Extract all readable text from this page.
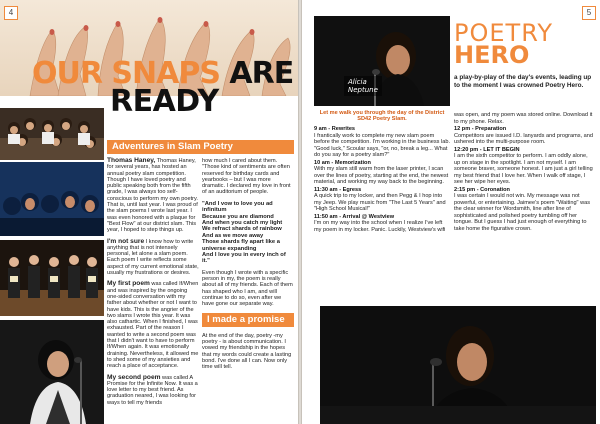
4
OUR SNAPS ARE
READY
Adventures in Slam Poetry

Thomas Haney, Thomas Haney, for several years, has hosted an annual poetry slam competition. Though I have loved poetry and public speaking both from the fifth grade, I was always too self-conscious to perform my own poetry. That is, until last year. I was proud of the slam poems I wrote last year. I was even honored with a plaque for "Best Flow" at our district slam. This year, I hoped to step things up.

I'm not sure I know how to write anything that is not intensely personal, let alone a slam poem. Each poem I write reflects some aspect of my current emotional state, usually my frustrations or desires.

My first poem was called If/When and was inspired by the ongoing one-sided conversation with my father about whether or not I want to have kids. This is the angrier of the two slams I wrote this year. It was also cathartic. When I finished, I was exhausted. Part of the reason I wanted to write a second poem was that I didn't want to have to perform If/When again. It was emotionally draining. Nevertheless, it allowed me to shed some of my anxieties and reach a place of acceptance.

My second poem was called A Promise for the Infinite Now. It was a love letter to my best friend. As graduation neared, I was looking for ways to tell my friends

how much I cared about them. "Those kind of sentiments are often reserved for birthday cards and yearbooks – but I was more dramatic. I declared my love in front of an auditorium of people.

"And I vow to love you ad
infinitum
Because you are diamond
And when you catch my light
We refract shards of rainbow
And as we move away
Those shards fly apart like a
universe expanding
And I love you in every inch of
it."

Even though I wrote with a specific person in my, the poem is really about all of my friends. Each of them has shaped who I am, and will continue to do so, even after we have gone our separate way.

I made a promise

At the end of the day, poetry -my poetry - is about communication. I vowed my friendship in the hopes that my words could create a lasting bond. I've done all I can. Now only time will tell.

5
Alicia
Neptune
POETRY
HERO
a play-by-play of the day's events, leading up to the moment I was crowned Poetry Hero.
Let me walk you through the day of the District SD42 Poetry Slam.

9 am - Rewrites
I frantically work to complete my new slam poem before the competition. I'm working in the business lab. "Good luck," Scoular says, "or, no, break a leg... What do you say for a poetry slam?"

10 am - Memorization
With my slam still warm from the laser printer, I scan over the lines of poetry, starting at the end, the newest material, and working my way back to the beginning.

11:30 am - Egress
A quick trip to my locker, and then Pegg & I hop into my Jeep. We play music from "The Last 5 Years" and "High School Musical!"

11:50 am - Arrival @ Westview
I'm on my way into the school when I realize I've left my poem in my locker. Panic. Luckily, Westview's wifi

was open, and my poem was stored online. Download it to my phone. Relax.

12 pm - Preparation
Competitors are issued I.D. lanyards and programs, and ushered into the multi-purpose room.

12:20 pm - LET IT BEGIN
I am the sixth competitor to perform. I am oddly alone, up on stage in the spotlight. I am not myself. I am someone braver, someone honest. I am just a girl telling my best friend that I love her. When I walk off stage, I see her wipe her eyes.

2:15 pm - Coronation
I was certain I would not win. My message was not powerful, or entertaining. Jaimee's poem "Waiting" was the clear winner for Wordsmith, line after line of sophisticated and polished poetry tumbling off her tongue. But I guess I had just enough of everything to take home the figurative crown.
